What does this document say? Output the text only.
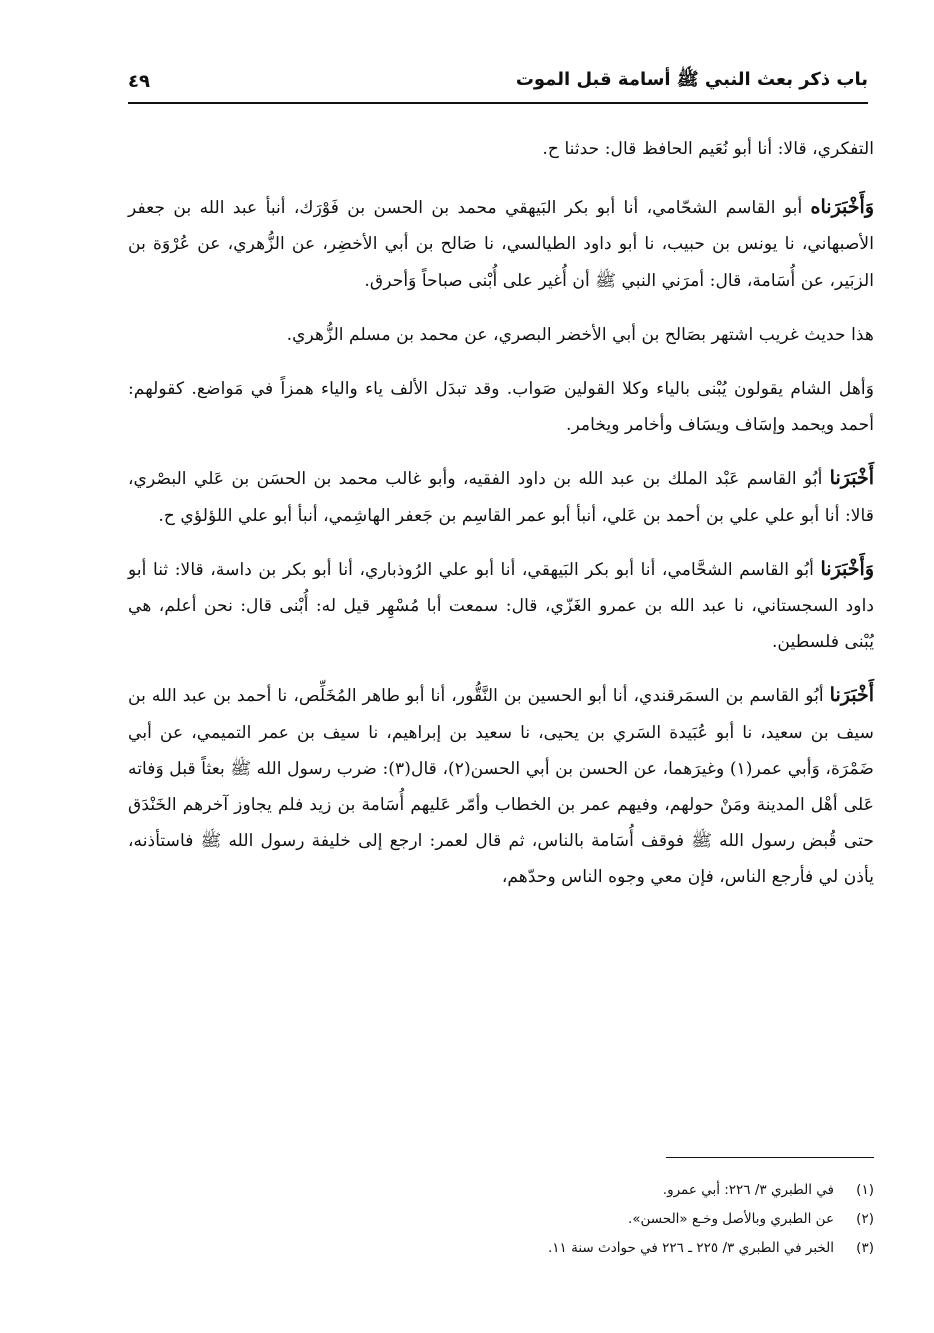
باب ذكر بعث النبي ﷺ أسامة قبل الموت
٤٩

التفكري، قالا: أنا أبو نُعَيم الحافظ قال: حدثنا ح.

وَأَخْبَرَناه أبو القاسم الشحّامي، أنا أبو بكر البَيهقي محمد بن الحسن بن فَوْرَك، أنبأ عبد الله بن جعفر الأصبهاني، نا يونس بن حبيب، نا أبو داود الطيالسي، نا صَالح بن أبي الأخضِر، عن الزُّهري، عن عُرْوَة بن الزبَير، عن أُسَامة، قال: أمرَني النبي ﷺ أن أُغير على أُبْنى صباحاً وَأحرق.

هذا حديث غريب اشتهر بصَالح بن أبي الأخضر البصري، عن محمد بن مسلم الزُّهري.

وَأهل الشام يقولون يُبْنى بالياء وكلا القولين صَواب. وقد تبدَل الألف ياء والياء همزاً في مَواضع. كقولهم: أحمد ويحمد وإسَاف ويسَاف وأخامر ويخامر.

أَخْبَرَنا أبُو القاسم عَبْد الملك بن عبد الله بن داود الفقيه، وأبو غالب محمد بن الحسَن بن عَلي البصْري، قالا: أنا أبو علي علي بن أحمد بن عَلي، أنبأ أبو عمر القاسِم بن جَعفر الهاشِمي، أنبأ أبو علي اللؤلؤي ح.

وَأَخْبَرَنا أبُو القاسم الشحَّامي، أنا أبو بكر البَيهقي، أنا أبو علي الرُوذباري، أنا أبو بكر بن داسة، قالا: ثنا أبو داود السجستاني، نا عبد الله بن عمرو الغَزّي، قال: سمعت أبا مُسْهِر قيل له: أُبْنى قال: نحن أعلم، هي يُبْنى فلسطين.

أَخْبَرَنا أبُو القاسم بن السمَرقندي، أنا أبو الحسين بن النَّقُّور، أنا أبو طاهر المُخَلِّص، نا أحمد بن عبد الله بن سيف بن سعيد، نا أبو عُبَيدة السَري بن يحيى، نا سعيد بن إبراهيم، نا سيف بن عمر التميمي، عن أبي ضَمْرَة، وَأبي عمر(١) وغيرَهما، عن الحسن بن أبي الحسن(٢)، قال(٣): ضرب رسول الله ﷺ بعثاً قبل وَفاته عَلى أهْل المدينة ومَنْ حولهم، وفيهم عمر بن الخطاب وأمّر عَليهم أُسَامة بن زيد فلم يجاوز آخرهم الخَنْدَق حتى قُبض رسول الله ﷺ فوقف أُسَامة بالناس، ثم قال لعمر: ارجع إلى خليفة رسول الله ﷺ فاستأذنه، يأذن لي فأرجع الناس، فإن معي وجوه الناس وحدّهم،

(١)
في الطبري ٣/ ٢٢٦: أبي عمرو.
(٢)
عن الطبري وبالأصل وخـع «الحسن».
(٣)
الخبر في الطبري ٣/ ٢٢٥ ـ ٢٢٦ في حوادث سنة ١١.
